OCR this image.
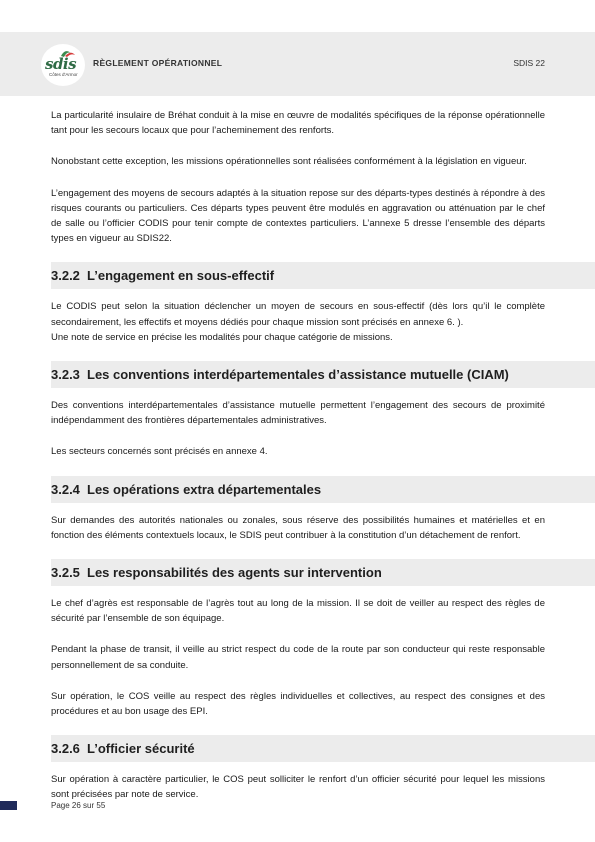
sdis
Côtes d'Armor
RÈGLEMENT OPÉRATIONNEL	SDIS 22

La particularité insulaire de Bréhat conduit à la mise en œuvre de modalités spécifiques de la réponse opérationnelle tant pour les secours locaux que pour l’acheminement des renforts.

Nonobstant cette exception, les missions opérationnelles sont réalisées conformément à la législation en vigueur.

L’engagement des moyens de secours adaptés à la situation repose sur des départs-types destinés à répondre à des risques courants ou particuliers. Ces départs types peuvent être modulés en aggravation ou atténuation par le chef de salle ou l’officier CODIS pour tenir compte de contextes particuliers. L’annexe 5 dresse l’ensemble des départs types en vigueur au SDIS22.

3.2.2 L’engagement en sous-effectif

Le CODIS peut selon la situation déclencher un moyen de secours en sous-effectif (dès lors qu’il le complète secondairement, les effectifs et moyens dédiés pour chaque mission sont précisés en annexe 6. ).
Une note de service en précise les modalités pour chaque catégorie de missions.

3.2.3 Les conventions interdépartementales d’assistance mutuelle (CIAM)

Des conventions interdépartementales d’assistance mutuelle permettent l’engagement des secours de proximité indépendamment des frontières départementales administratives.

Les secteurs concernés sont précisés en annexe 4.

3.2.4 Les opérations extra départementales

Sur demandes des autorités nationales ou zonales, sous réserve des possibilités humaines et matérielles et en fonction des éléments contextuels locaux, le SDIS peut contribuer à la constitution d’un détachement de renfort.

3.2.5 Les responsabilités des agents sur intervention

Le chef d’agrès est responsable de l’agrès tout au long de la mission. Il se doit de veiller au respect des règles de sécurité par l’ensemble de son équipage.

Pendant la phase de transit, il veille au strict respect du code de la route par son conducteur qui reste responsable personnellement de sa conduite.

Sur opération, le COS veille au respect des règles individuelles et collectives, au respect des consignes et des procédures et au bon usage des EPI.

3.2.6 L’officier sécurité

Sur opération à caractère particulier, le COS peut solliciter le renfort d’un officier sécurité pour lequel les missions sont précisées par note de service.

Page 26 sur 55
